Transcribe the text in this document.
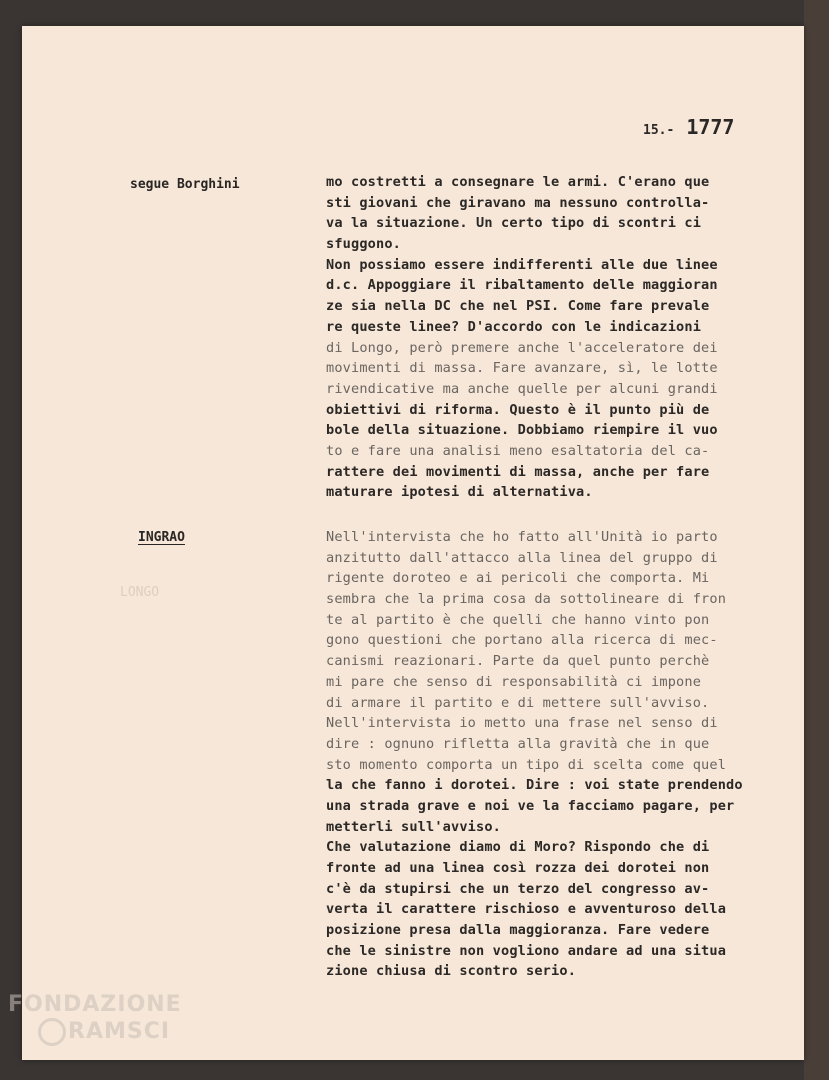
15.- 1777
segue Borghini	mo costretti a consegnare le armi. C'erano que
sti giovani che giravano ma nessuno controlla-
va la situazione. Un certo tipo di scontri ci
sfuggono.
Non possiamo essere indifferenti alle due linee
d.c. Appoggiare il ribaltamento delle maggioran
ze sia nella DC che nel PSI. Come fare prevale
re queste linee? D'accordo con le indicazioni
di Longo, però premere anche l'acceleratore dei
movimenti di massa. Fare avanzare, sì, le lotte
rivendicative ma anche quelle per alcuni grandi
obiettivi di riforma. Questo è il punto più de
bole della situazione. Dobbiamo riempire il vuo
to e fare una analisi meno esaltatoria del ca-
rattere dei movimenti di massa, anche per fare
maturare ipotesi di alternativa.
INGRAO
LONGO
Nell'intervista che ho fatto all'Unità io parto
anzitutto dall'attacco alla linea del gruppo di
rigente doroteo e ai pericoli che comporta. Mi
sembra che la prima cosa da sottolineare di fron
te al partito è che quelli che hanno vinto pon
gono questioni che portano alla ricerca di mec-
canismi reazionari. Parte da quel punto perchè
mi pare che senso di responsabilità ci impone
di armare il partito e di mettere sull'avviso.
Nell'intervista io metto una frase nel senso di
dire : ognuno rifletta alla gravità che in que
sto momento comporta un tipo di scelta come quel
la che fanno i dorotei. Dire : voi state prendendo
una strada grave e noi ve la facciamo pagare, per
metterli sull'avviso.
Che valutazione diamo di Moro? Rispondo che di
fronte ad una linea così rozza dei dorotei non
c'è da stupirsi che un terzo del congresso av-
verta il carattere rischioso e avventuroso della
posizione presa dalla maggioranza. Fare vedere
che le sinistre non vogliono andare ad una situa
zione chiusa di scontro serio.
FONDAZIONE
RAMSCI
